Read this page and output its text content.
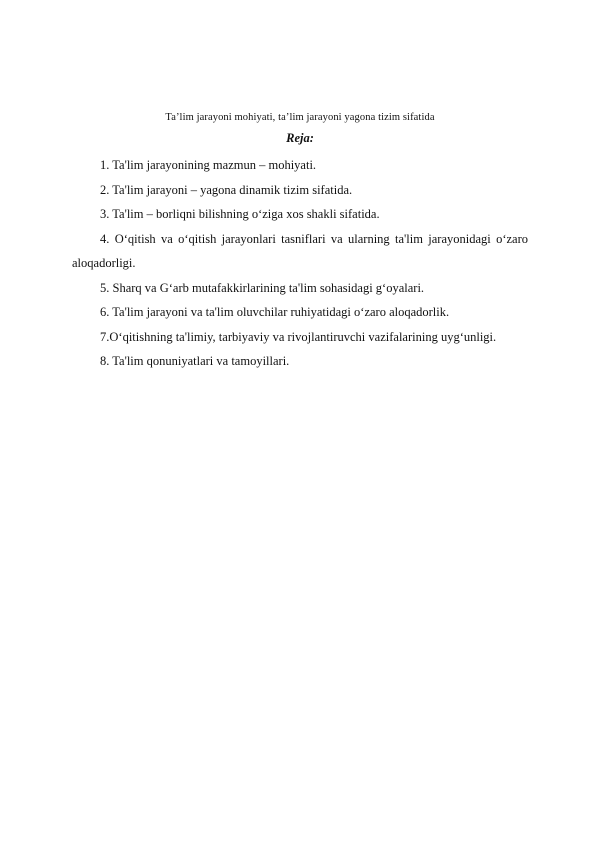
Ta’lim jarayoni mohiyati, ta’lim jarayoni yagona tizim sifatida
Reja:
1. Ta'lim jarayonining mazmun – mohiyati.
2. Ta'lim jarayoni – yagona dinamik tizim sifatida.
3. Ta'lim – borliqni bilishning o‘ziga xos shakli sifatida.
4. O‘qitish va o‘qitish jarayonlari tasniflari va ularning ta'lim jarayonidagi o‘zaro aloqadorligi.
5. Sharq va G‘arb mutafakkirlarining ta'lim sohasidagi g‘oyalari.
6. Ta'lim jarayoni va ta'lim oluvchilar ruhiyatidagi o‘zaro aloqadorlik.
7.O‘qitishning ta'limiy, tarbiyaviy va rivojlantiruvchi vazifalarining uyg‘unligi.
8. Ta'lim qonuniyatlari va tamoyillari.
